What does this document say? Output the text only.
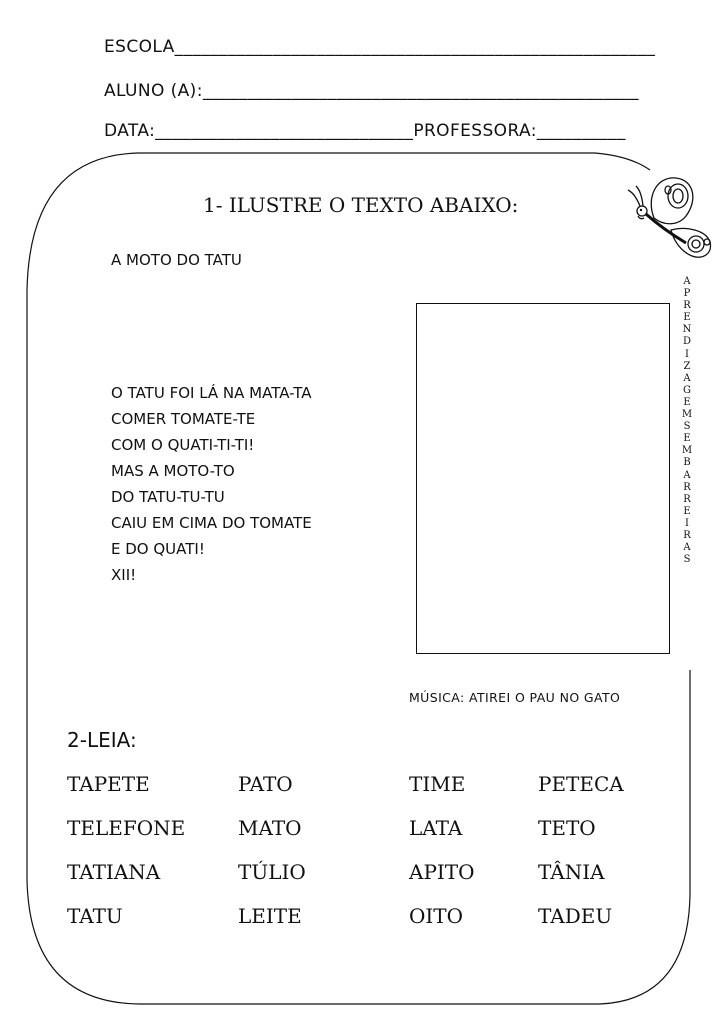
ESCOLA______________________________________________________
ALUNO (A):_________________________________________________
DATA:_____________________________PROFESSORA:__________
1- ILUSTRE O TEXTO ABAIXO:
A MOTO DO TATU
O TATU FOI LÁ NA MATA-TA
COMER TOMATE-TE
COM O QUATI-TI-TI!
MAS A MOTO-TO
DO TATU-TU-TU
CAIU EM CIMA DO TOMATE
E DO QUATI!
XII!
A
P
R
E
N
D
I
Z
A
G
E
M
S
E
M
B
A
R
R
E
I
R
A
S
MÚSICA: ATIREI O PAU NO GATO
2-LEIA:
TAPETE	PATO	TIME	PETECA
TELEFONE	MATO	LATA	TETO
TATIANA	TÚLIO	APITO	TÂNIA
TATU	LEITE	OITO	TADEU
